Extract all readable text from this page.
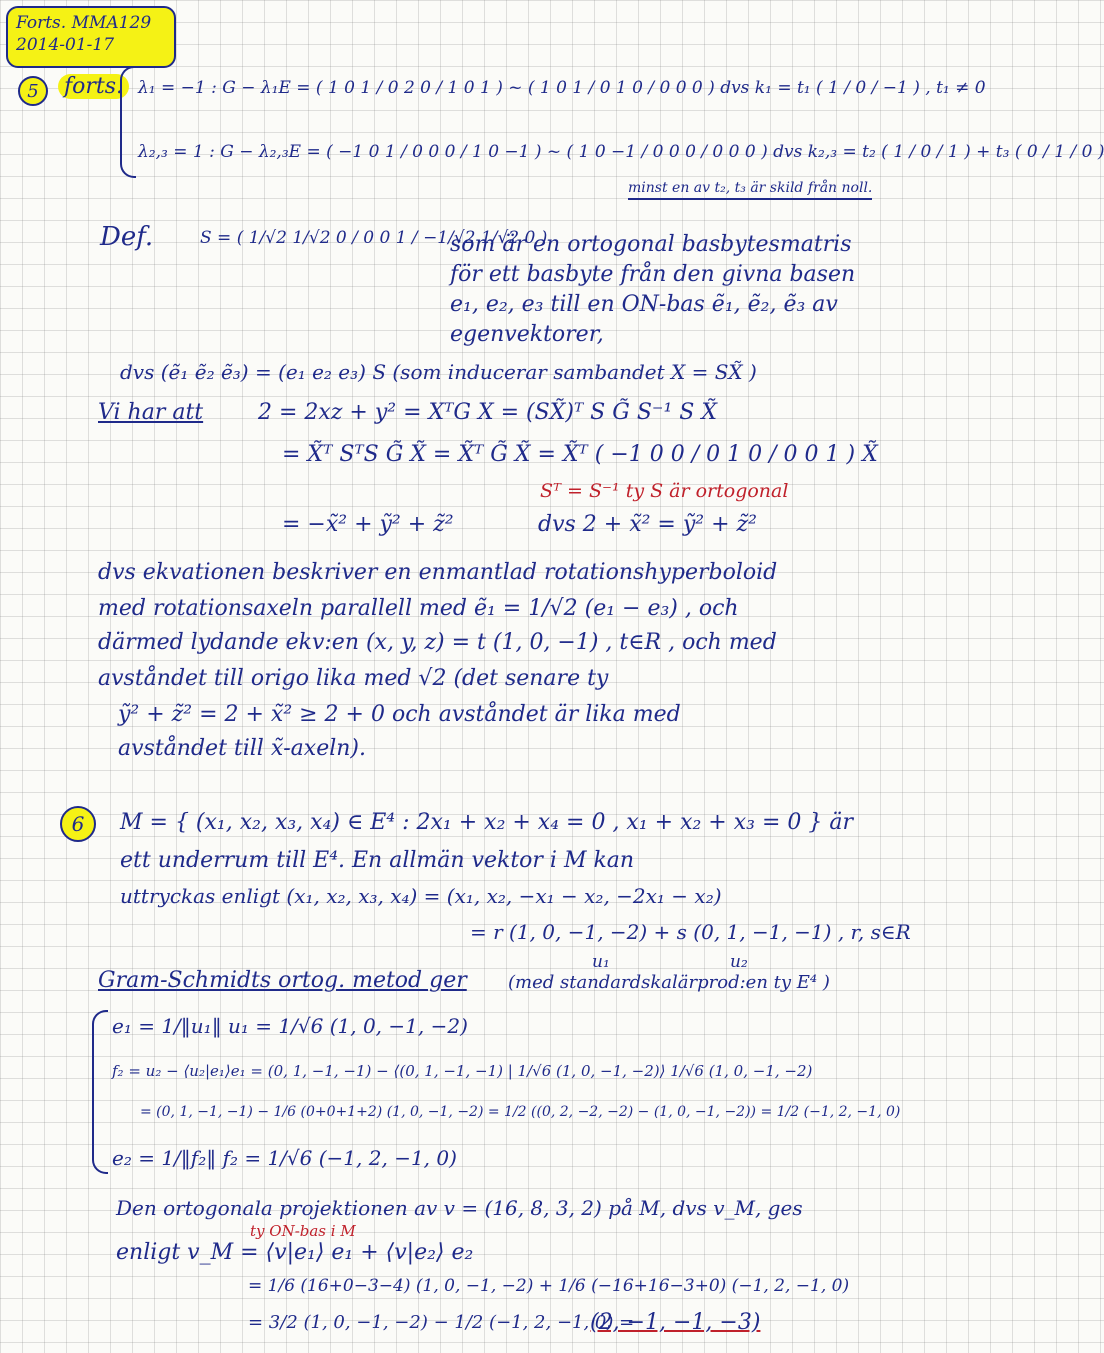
Forts. MMA129
2014-01-17
5 forts. λ₁ = −1 : G − λ₁E = ( 1 0 1 / 0 2 0 / 1 0 1 ) ~ ( 1 0 1 / 0 1 0 / 0 0 0 ) dvs k₁ = t₁ ( 1 / 0 / −1 ) , t₁ ≠ 0
λ₂,₃ = 1 : G − λ₂,₃E = ( −1 0 1 / 0 0 0 / 1 0 −1 ) ~ ( 1 0 −1 / 0 0 0 / 0 0 0 ) dvs k₂,₃ = t₂ ( 1 / 0 / 1 ) + t₃ ( 0 / 1 / 0 )
minst en av t₂, t₃ är skild från noll.
Def.	S = ( 1/√2 1/√2 0 / 0 0 1 / −1/√2 1/√2 0 )
som är en ortogonal basbytesmatris
för ett basbyte från den givna basen
e₁, e₂, e₃ till en ON-bas ẽ₁, ẽ₂, ẽ₃ av
egenvektorer,
dvs (ẽ₁ ẽ₂ ẽ₃) = (e₁ e₂ e₃) S (som inducerar sambandet X = SX̃ )
Vi har att 2 = 2xz + y² = XᵀG X = (SX̃)ᵀ S G̃ S⁻¹ S X̃
= X̃ᵀ SᵀS G̃ X̃ = X̃ᵀ G̃ X̃ = X̃ᵀ ( −1 0 0 / 0 1 0 / 0 0 1 ) X̃
Sᵀ = S⁻¹ ty S är ortogonal
= −x̃² + ỹ² + z̃²	dvs 2 + x̃² = ỹ² + z̃²
dvs ekvationen beskriver en enmantlad rotationshyperboloid
med rotationsaxeln parallell med ẽ₁ = 1/√2 (e₁ − e₃) , och
därmed lydande ekv:en (x, y, z) = t (1, 0, −1) , t∈R , och med
avståndet till origo lika med √2 (det senare ty
ỹ² + z̃² = 2 + x̃² ≥ 2 + 0 och avståndet är lika med
avståndet till x̃-axeln).
6 M = { (x₁, x₂, x₃, x₄) ∈ E⁴ : 2x₁ + x₂ + x₄ = 0 , x₁ + x₂ + x₃ = 0 } är
ett underrum till E⁴. En allmän vektor i M kan
uttryckas enligt (x₁, x₂, x₃, x₄) = (x₁, x₂, −x₁ − x₂, −2x₁ − x₂)
= r (1, 0, −1, −2) + s (0, 1, −1, −1) , r, s∈R
u₁	u₂
Gram-Schmidts ortog. metod ger (med standardskalärprod:en ty E⁴ )
e₁ = 1/‖u₁‖ u₁ = 1/√6 (1, 0, −1, −2)
f₂ = u₂ − ⟨u₂|e₁⟩e₁ = (0, 1, −1, −1) − ⟨(0, 1, −1, −1) | 1/√6 (1, 0, −1, −2)⟩ 1/√6 (1, 0, −1, −2)
= (0, 1, −1, −1) − 1/6 (0+0+1+2) (1, 0, −1, −2) = 1/2 ((0, 2, −2, −2) − (1, 0, −1, −2)) = 1/2 (−1, 2, −1, 0)
e₂ = 1/‖f₂‖ f₂ = 1/√6 (−1, 2, −1, 0)
Den ortogonala projektionen av v = (16, 8, 3, 2) på M, dvs v_M, ges
ty ON-bas i M
enligt v_M = ⟨v|e₁⟩ e₁ + ⟨v|e₂⟩ e₂
= 1/6 (16+0−3−4) (1, 0, −1, −2) + 1/6 (−16+16−3+0) (−1, 2, −1, 0)
= 3/2 (1, 0, −1, −2) − 1/2 (−1, 2, −1, 0) =
(2, −1, −1, −3)
